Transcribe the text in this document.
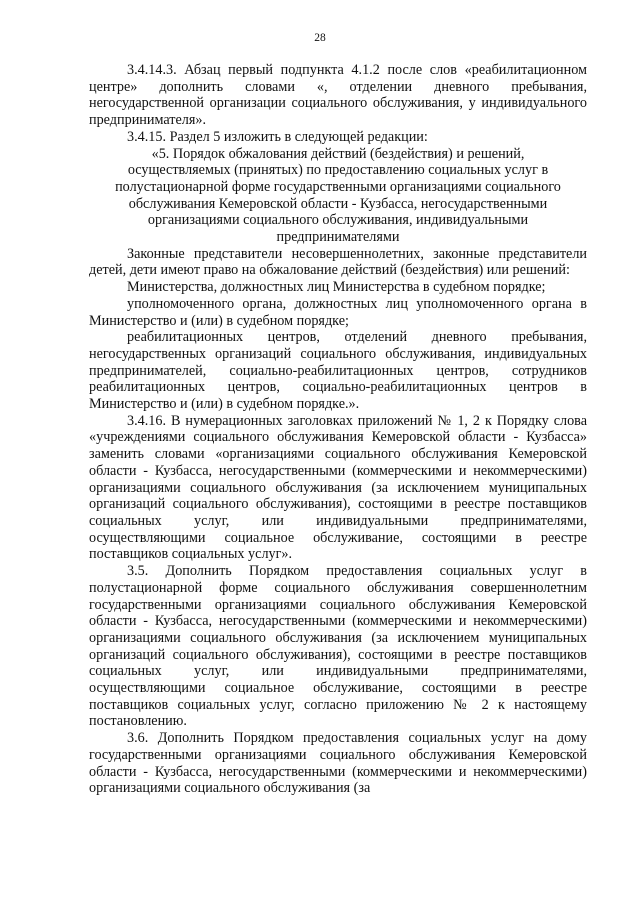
28

3.4.14.3. Абзац первый подпункта 4.1.2 после слов «реабилитационном центре» дополнить словами «, отделении дневного пребывания, негосударственной организации социального обслуживания, у индивидуального предпринимателя».

3.4.15. Раздел 5 изложить в следующей редакции:

«5. Порядок обжалования действий (бездействия) и решений, осуществляемых (принятых) по предоставлению социальных услуг в полустационарной форме государственными организациями социального обслуживания Кемеровской области - Кузбасса, негосударственными организациями социального обслуживания, индивидуальными предпринимателями

Законные представители несовершеннолетних, законные представители детей, дети имеют право на обжалование действий (бездействия) или решений:

Министерства, должностных лиц Министерства в судебном порядке;

уполномоченного органа, должностных лиц уполномоченного органа в Министерство и (или) в судебном порядке;

реабилитационных центров, отделений дневного пребывания, негосударственных организаций социального обслуживания, индивидуальных предпринимателей, социально-реабилитационных центров, сотрудников реабилитационных центров, социально-реабилитационных центров в Министерство и (или) в судебном порядке.».

3.4.16. В нумерационных заголовках приложений № 1, 2 к Порядку слова «учреждениями социального обслуживания Кемеровской области - Кузбасса» заменить словами «организациями социального обслуживания Кемеровской области - Кузбасса, негосударственными (коммерческими и некоммерческими) организациями социального обслуживания (за исключением муниципальных организаций социального обслуживания), состоящими в реестре поставщиков социальных услуг, или индивидуальными предпринимателями, осуществляющими социальное обслуживание, состоящими в реестре поставщиков социальных услуг».

3.5. Дополнить Порядком предоставления социальных услуг в полустационарной форме социального обслуживания совершеннолетним государственными организациями социального обслуживания Кемеровской области - Кузбасса, негосударственными (коммерческими и некоммерческими) организациями социального обслуживания (за исключением муниципальных организаций социального обслуживания), состоящими в реестре поставщиков социальных услуг, или индивидуальными предпринимателями, осуществляющими социальное обслуживание, состоящими в реестре поставщиков социальных услуг, согласно приложению № 2 к настоящему постановлению.

3.6. Дополнить Порядком предоставления социальных услуг на дому государственными организациями социального обслуживания Кемеровской области - Кузбасса, негосударственными (коммерческими и некоммерческими) организациями социального обслуживания (за
